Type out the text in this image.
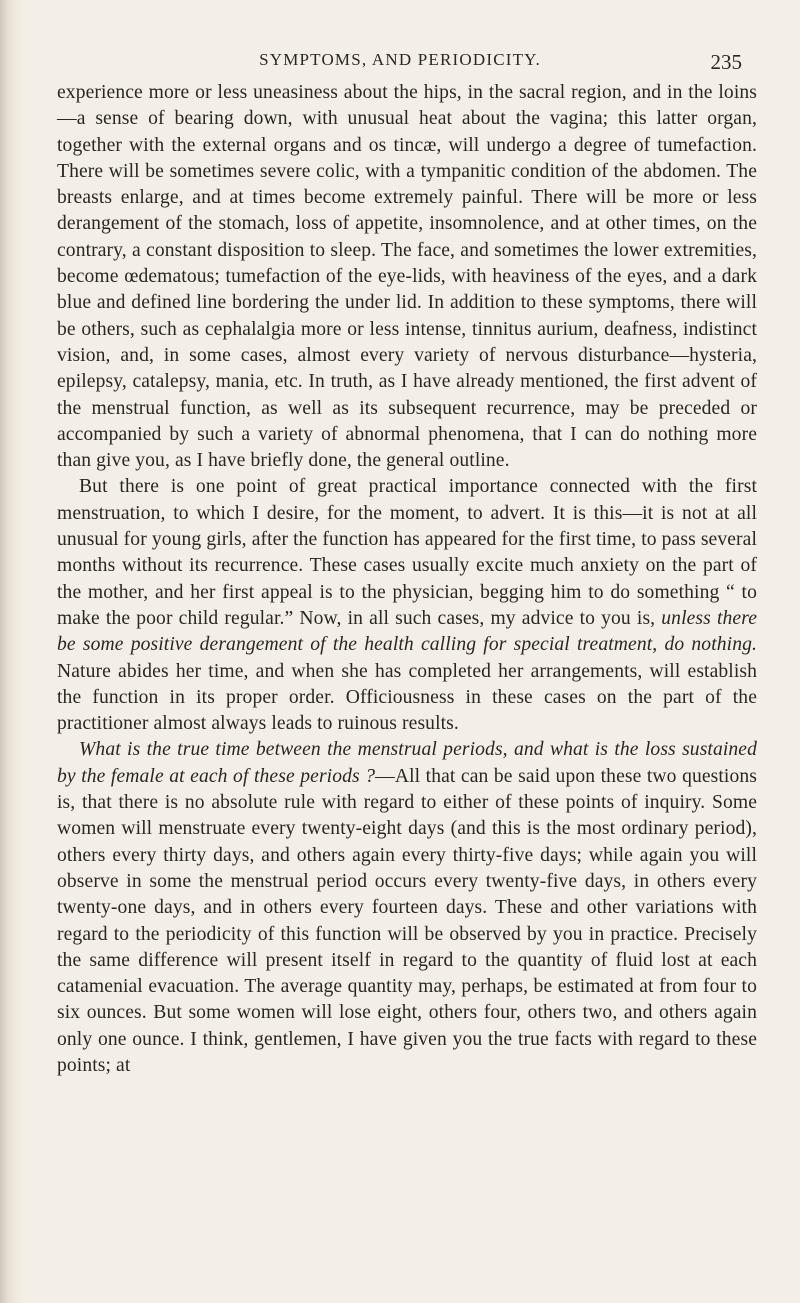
SYMPTOMS, AND PERIODICITY.	235

experience more or less uneasiness about the hips, in the sacral region, and in the loins—a sense of bearing down, with unusual heat about the vagina; this latter organ, together with the external organs and os tincæ, will undergo a degree of tumefaction. There will be sometimes severe colic, with a tympanitic condition of the abdomen. The breasts enlarge, and at times become extremely painful. There will be more or less derangement of the stomach, loss of appetite, insomnolence, and at other times, on the contrary, a constant disposition to sleep. The face, and sometimes the lower extremities, become œdematous; tumefaction of the eye-lids, with heaviness of the eyes, and a dark blue and defined line bordering the under lid. In addition to these symptoms, there will be others, such as cephalalgia more or less intense, tinnitus aurium, deafness, indistinct vision, and, in some cases, almost every variety of nervous disturbance—hysteria, epilepsy, catalepsy, mania, etc. In truth, as I have already mentioned, the first advent of the menstrual function, as well as its subsequent recurrence, may be preceded or accompanied by such a variety of abnormal phenomena, that I can do nothing more than give you, as I have briefly done, the general outline.

But there is one point of great practical importance connected with the first menstruation, to which I desire, for the moment, to advert. It is this—it is not at all unusual for young girls, after the function has appeared for the first time, to pass several months without its recurrence. These cases usually excite much anxiety on the part of the mother, and her first appeal is to the physician, begging him to do something “ to make the poor child regular.” Now, in all such cases, my advice to you is, unless there be some positive derangement of the health calling for special treatment, do nothing. Nature abides her time, and when she has completed her arrangements, will establish the function in its proper order. Officiousness in these cases on the part of the practitioner almost always leads to ruinous results.

What is the true time between the menstrual periods, and what is the loss sustained by the female at each of these periods ?—All that can be said upon these two questions is, that there is no absolute rule with regard to either of these points of inquiry. Some women will menstruate every twenty-eight days (and this is the most ordinary period), others every thirty days, and others again every thirty-five days; while again you will observe in some the menstrual period occurs every twenty-five days, in others every twenty-one days, and in others every fourteen days. These and other variations with regard to the periodicity of this function will be observed by you in practice. Precisely the same difference will present itself in regard to the quantity of fluid lost at each catamenial evacuation. The average quantity may, perhaps, be estimated at from four to six ounces. But some women will lose eight, others four, others two, and others again only one ounce. I think, gentlemen, I have given you the true facts with regard to these points; at
